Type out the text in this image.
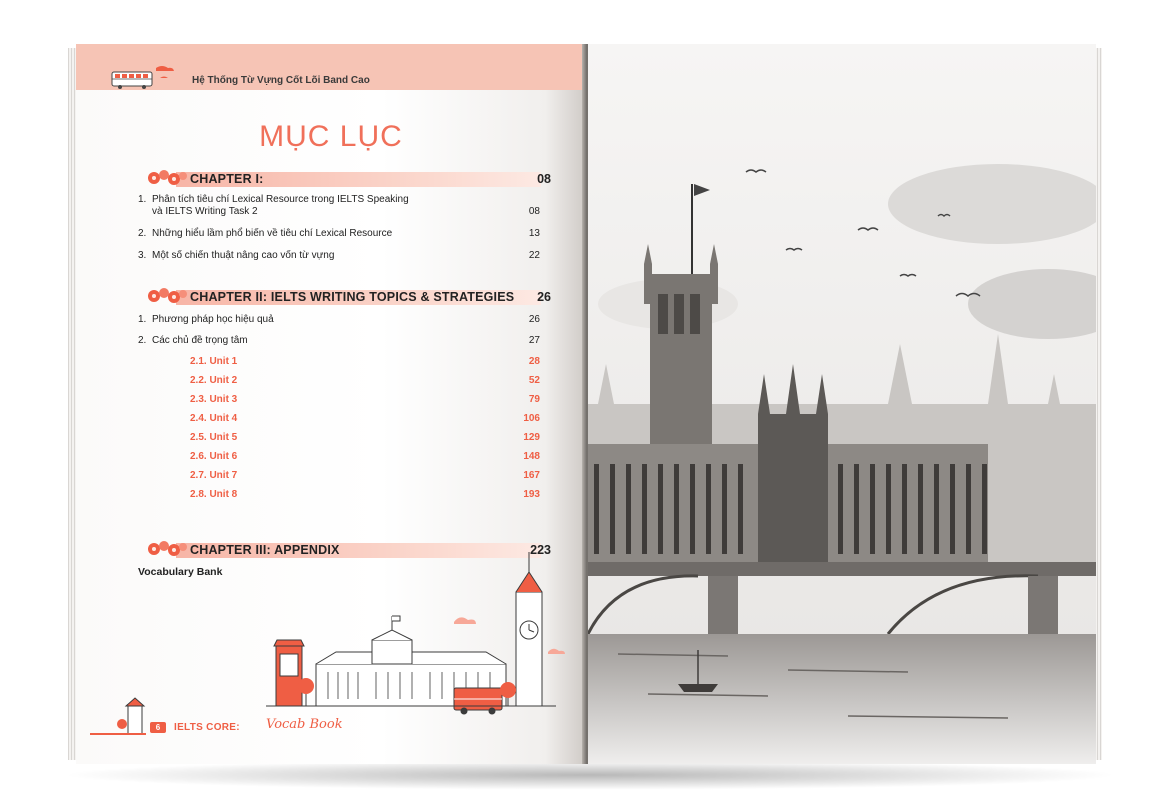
Hệ Thống Từ Vựng Cốt Lõi Band Cao
MỤC LỤC
CHAPTER I:	08
1. Phân tích tiêu chí Lexical Resource trong IELTS Speaking
và IELTS Writing Task 2	08
2. Những hiểu lầm phổ biến về tiêu chí Lexical Resource	13
3. Một số chiến thuật nâng cao vốn từ vựng	22
CHAPTER II: IELTS WRITING TOPICS & STRATEGIES 26
1. Phương pháp học hiệu quả	26
2. Các chủ đề trọng tâm	27
2.1. Unit 1	28
2.2. Unit 2	52
2.3. Unit 3	79
2.4. Unit 4	106
2.5. Unit 5	129
2.6. Unit 6	148
2.7. Unit 7	167
2.8. Unit 8	193
CHAPTER III: APPENDIX	223
Vocabulary Bank
6	IELTS CORE: Vocab Book
